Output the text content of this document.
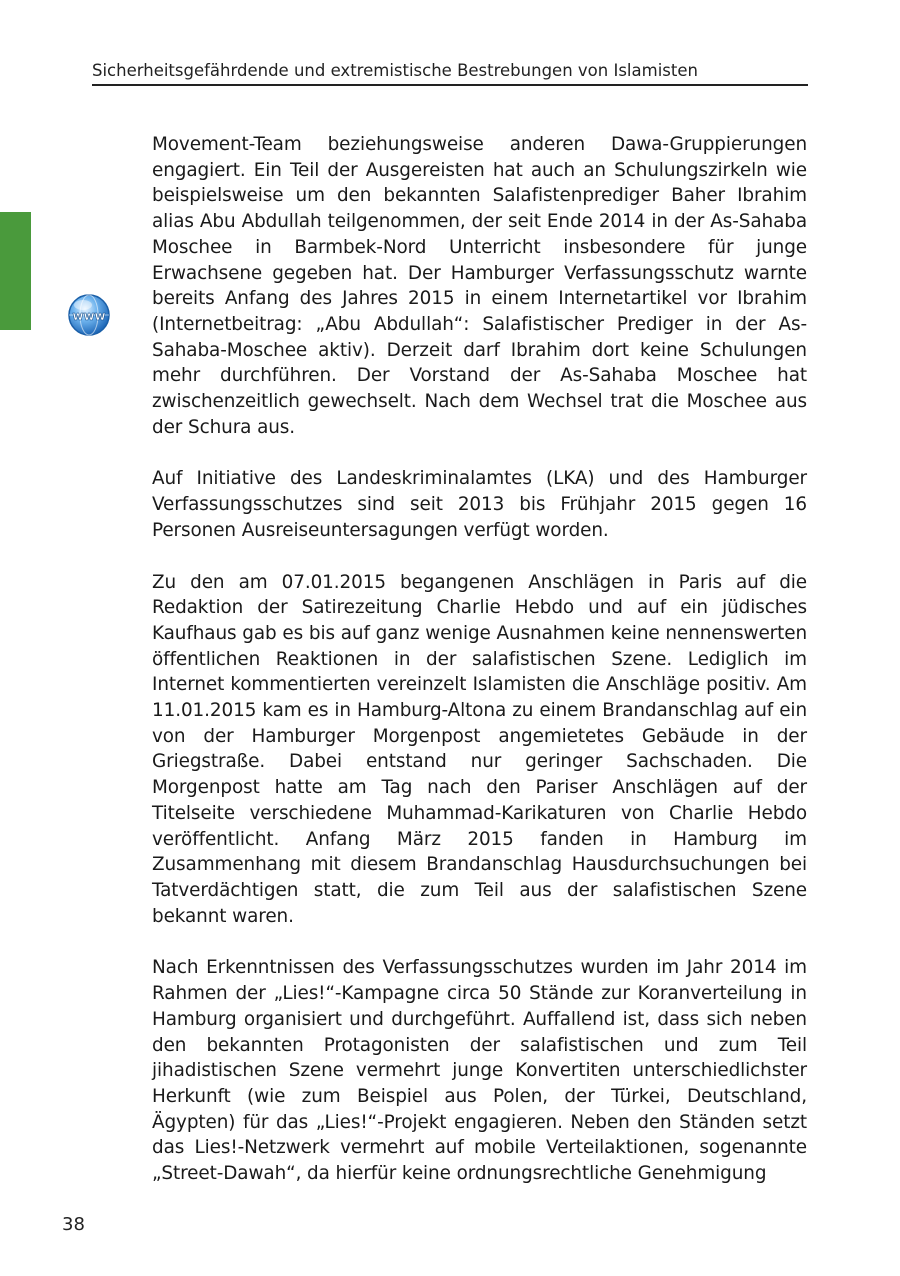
Sicherheitsgefährdende und extremistische Bestrebungen von Islamisten
www

Movement-Team beziehungsweise anderen Dawa-Gruppierungen engagiert. Ein Teil der Ausgereisten hat auch an Schulungszirkeln wie beispielsweise um den bekannten Salafistenprediger Baher Ibrahim alias Abu Abdullah teilgenommen, der seit Ende 2014 in der As-Sahaba Moschee in Barmbek-Nord Unterricht insbesondere für junge Erwachsene gegeben hat. Der Hamburger Verfassungsschutz warnte bereits Anfang des Jahres 2015 in einem Internetartikel vor Ibrahim (Internetbeitrag: „Abu Abdullah“: Salafistischer Prediger in der As-Sahaba-Moschee aktiv). Derzeit darf Ibrahim dort keine Schulungen mehr durchführen. Der Vorstand der As-Sahaba Moschee hat zwischenzeitlich gewechselt. Nach dem Wechsel trat die Moschee aus der Schura aus.

Auf Initiative des Landeskriminalamtes (LKA) und des Hamburger Verfassungsschutzes sind seit 2013 bis Frühjahr 2015 gegen 16 Personen Ausreiseuntersagungen verfügt worden.

Zu den am 07.01.2015 begangenen Anschlägen in Paris auf die Redaktion der Satirezeitung Charlie Hebdo und auf ein jüdisches Kaufhaus gab es bis auf ganz wenige Ausnahmen keine nennenswerten öffentlichen Reaktionen in der salafistischen Szene. Lediglich im Internet kommentierten vereinzelt Islamisten die Anschläge positiv. Am 11.01.2015 kam es in Hamburg-Altona zu einem Brandanschlag auf ein von der Hamburger Morgenpost angemietetes Gebäude in der Griegstraße. Dabei entstand nur geringer Sachschaden. Die Morgenpost hatte am Tag nach den Pariser Anschlägen auf der Titelseite verschiedene Muhammad-Karikaturen von Charlie Hebdo veröffentlicht. Anfang März 2015 fanden in Hamburg im Zusammenhang mit diesem Brandanschlag Hausdurchsuchungen bei Tatverdächtigen statt, die zum Teil aus der salafistischen Szene bekannt waren.

Nach Erkenntnissen des Verfassungsschutzes wurden im Jahr 2014 im Rahmen der „Lies!“-Kampagne circa 50 Stände zur Koranverteilung in Hamburg organisiert und durchgeführt. Auffallend ist, dass sich neben den bekannten Protagonisten der salafistischen und zum Teil jihadistischen Szene vermehrt junge Konvertiten unterschiedlichster Herkunft (wie zum Beispiel aus Polen, der Türkei, Deutschland, Ägypten) für das „Lies!“-Projekt engagieren. Neben den Ständen setzt das Lies!-Netzwerk vermehrt auf mobile Verteilaktionen, sogenannte „Street-Dawah“, da hierfür keine ordnungsrechtliche Genehmigung

38
